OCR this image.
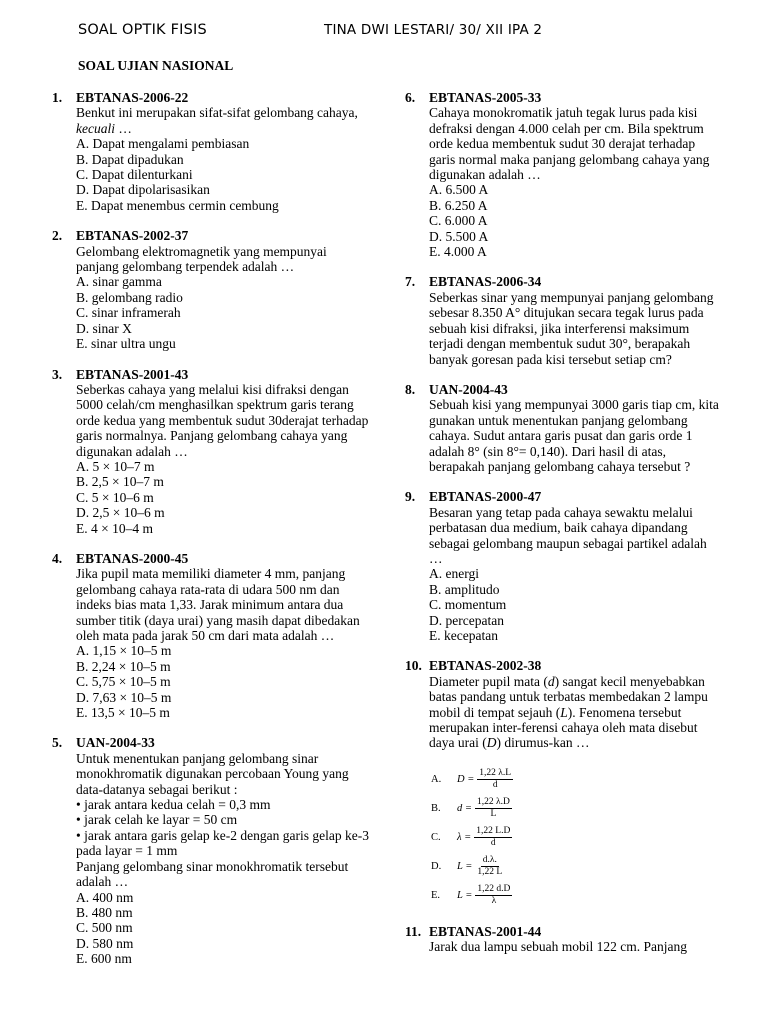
SOAL OPTIK FISIS	TINA DWI LESTARI/ 30/ XII IPA 2
SOAL UJIAN NASIONAL
1. EBTANAS-2006-22
Benkut ini merupakan sifat-sifat gelombang cahaya, kecuali …
A. Dapat mengalami pembiasan
B. Dapat dipadukan
C. Dapat dilenturkani
D. Dapat dipolarisasikan
E. Dapat menembus cermin cembung
2. EBTANAS-2002-37
Gelombang elektromagnetik yang mempunyai panjang gelombang terpendek adalah …
A. sinar gamma
B. gelombang radio
C. sinar inframerah
D. sinar X
E. sinar ultra ungu
3. EBTANAS-2001-43
Seberkas cahaya yang melalui kisi difraksi dengan 5000 celah/cm menghasilkan spektrum garis terang orde kedua yang membentuk sudut 30derajat terhadap garis normalnya. Panjang gelombang cahaya yang digunakan adalah …
A. 5 × 10–7 m
B. 2,5 × 10–7 m
C. 5 × 10–6 m
D. 2,5 × 10–6 m
E. 4 × 10–4 m
4. EBTANAS-2000-45
Jika pupil mata memiliki diameter 4 mm, panjang gelombang cahaya rata-rata di udara 500 nm dan indeks bias mata 1,33. Jarak minimum antara dua sumber titik (daya urai) yang masih dapat dibedakan oleh mata pada jarak 50 cm dari mata adalah …
A. 1,15 × 10–5 m
B. 2,24 × 10–5 m
C. 5,75 × 10–5 m
D. 7,63 × 10–5 m
E. 13,5 × 10–5 m
5. UAN-2004-33
Untuk menentukan panjang gelombang sinar monokhromatik digunakan percobaan Young yang data-datanya sebagai berikut :
• jarak antara kedua celah = 0,3 mm
• jarak celah ke layar = 50 cm
• jarak antara garis gelap ke-2 dengan garis gelap ke-3 pada layar = 1 mm
Panjang gelombang sinar monokhromatik tersebut adalah …
A. 400 nm
B. 480 nm
C. 500 nm
D. 580 nm
E. 600 nm
6. EBTANAS-2005-33
Cahaya monokromatik jatuh tegak lurus pada kisi defraksi dengan 4.000 celah per cm. Bila spektrum orde kedua membentuk sudut 30 derajat terhadap garis normal maka panjang gelombang cahaya yang digunakan adalah …
A. 6.500 A
B. 6.250 A
C. 6.000 A
D. 5.500 A
E. 4.000 A
7. EBTANAS-2006-34
Seberkas sinar yang mempunyai panjang gelombang sebesar 8.350 A° ditujukan secara tegak lurus pada sebuah kisi difraksi, jika interferensi maksimum terjadi dengan membentuk sudut 30°, berapakah banyak goresan pada kisi tersebut setiap cm?
8. UAN-2004-43
Sebuah kisi yang mempunyai 3000 garis tiap cm, kita gunakan untuk menentukan panjang gelombang cahaya. Sudut antara garis pusat dan garis orde 1 adalah 8° (sin 8°= 0,140). Dari hasil di atas, berapakah panjang gelombang cahaya tersebut ?
9. EBTANAS-2000-47
Besaran yang tetap pada cahaya sewaktu melalui perbatasan dua medium, baik cahaya dipandang sebagai gelombang maupun sebagai partikel adalah …
A. energi
B. amplitudo
C. momentum
D. percepatan
E. kecepatan
10. EBTANAS-2002-38
Diameter pupil mata (d) sangat kecil menyebabkan batas pandang untuk terbatas membedakan 2 lampu mobil di tempat sejauh (L). Fenomena tersebut merupakan inter-ferensi cahaya oleh mata disebut daya urai (D) dirumus-kan …
A.	$D = \frac{1,22 \lambda.L}{d}$
B.	$d = \frac{1,22 \lambda.D}{L}$
C.	$\lambda = \frac{1,22 L.D}{d}$
D.	$L = \frac{d.\lambda.}{1,22 L}$
E.	$L = \frac{1,22 d.D}{\lambda}$
11. EBTANAS-2001-44
Jarak dua lampu sebuah mobil 122 cm. Panjang
